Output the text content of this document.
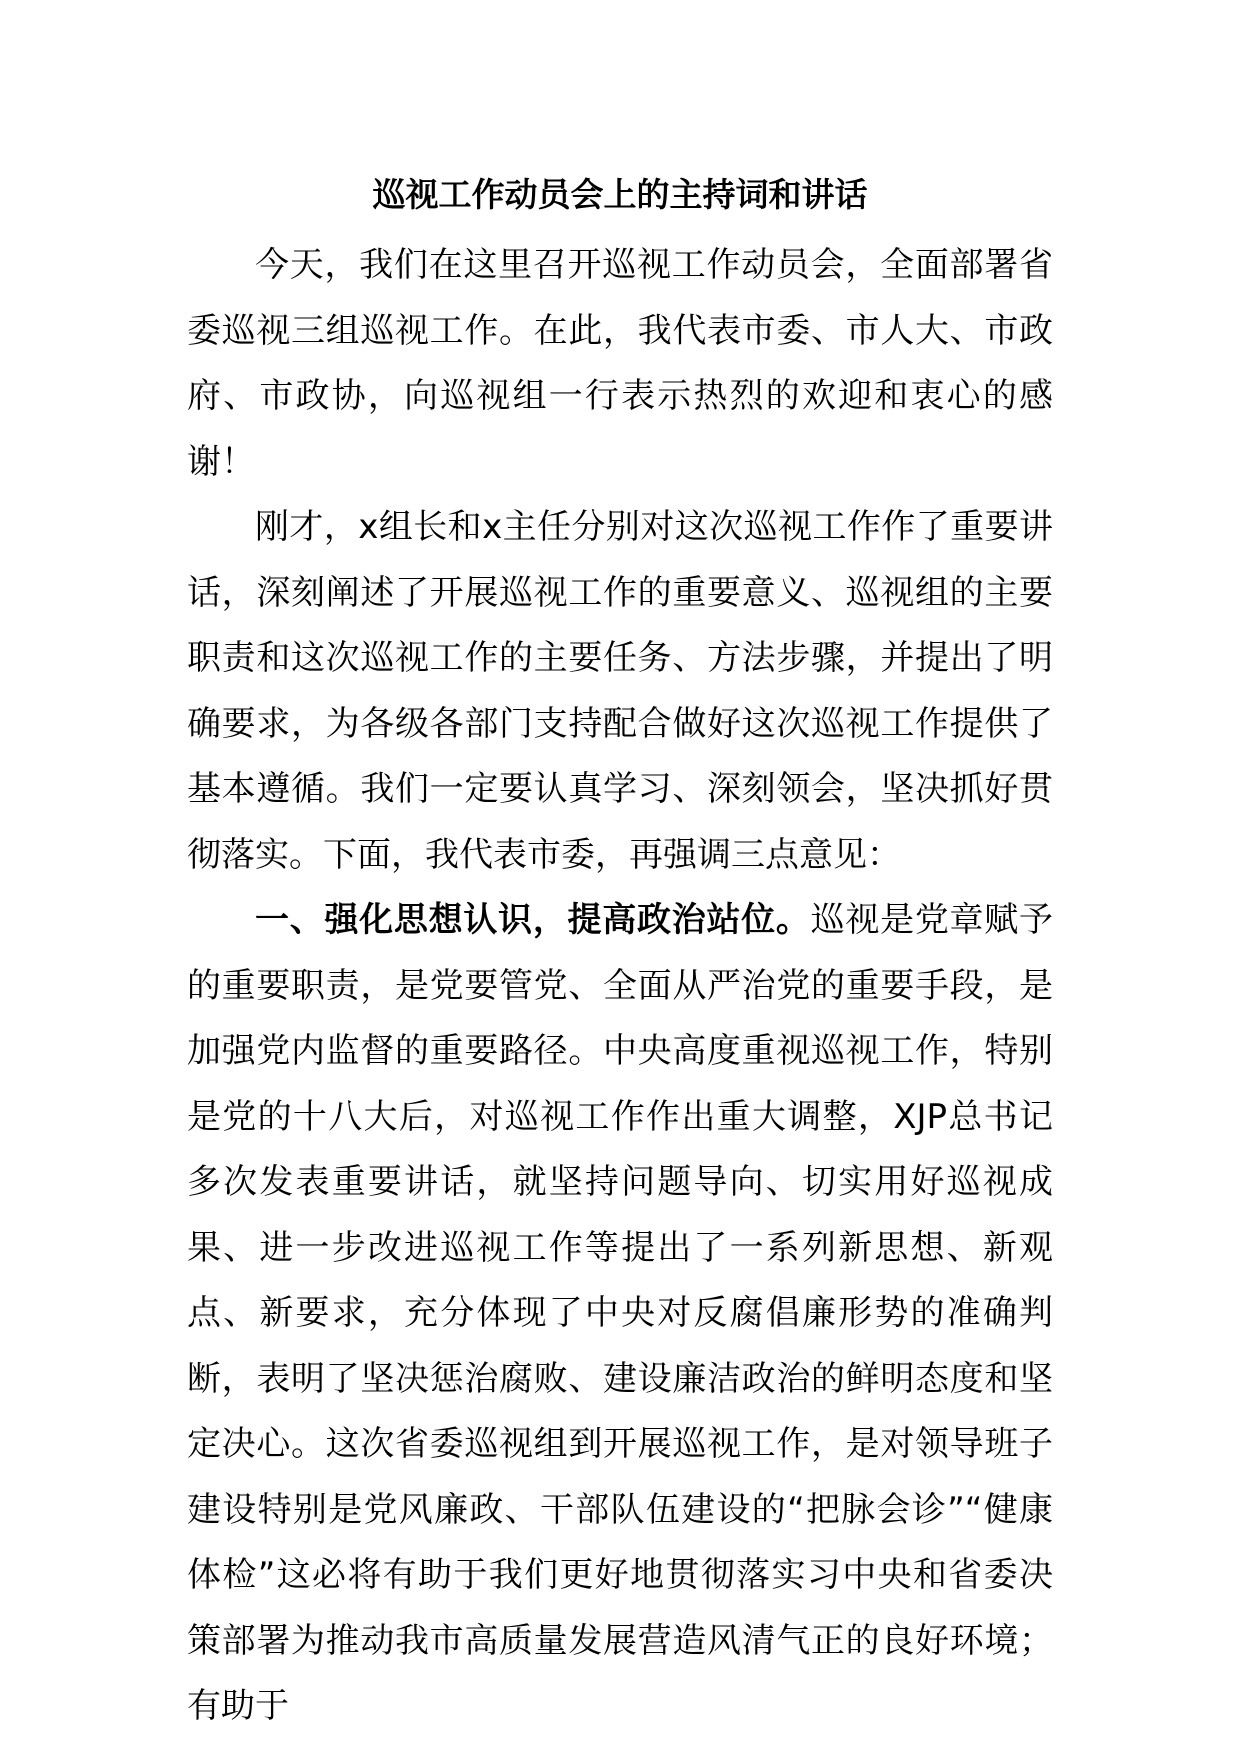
巡视工作动员会上的主持词和讲话

今天，我们在这里召开巡视工作动员会，全面部署省委巡视三组巡视工作。在此，我代表市委、市人大、市政府、市政协，向巡视组一行表示热烈的欢迎和衷心的感谢！

刚才，x组长和x主任分别对这次巡视工作作了重要讲话，深刻阐述了开展巡视工作的重要意义、巡视组的主要职责和这次巡视工作的主要任务、方法步骤，并提出了明确要求，为各级各部门支持配合做好这次巡视工作提供了基本遵循。我们一定要认真学习、深刻领会，坚决抓好贯彻落实。下面，我代表市委，再强调三点意见：

一、强化思想认识，提高政治站位。巡视是党章赋予的重要职责，是党要管党、全面从严治党的重要手段，是加强党内监督的重要路径。中央高度重视巡视工作，特别是党的十八大后，对巡视工作作出重大调整，XJP总书记多次发表重要讲话，就坚持问题导向、切实用好巡视成果、进一步改进巡视工作等提出了一系列新思想、新观点、新要求，充分体现了中央对反腐倡廉形势的准确判断，表明了坚决惩治腐败、建设廉洁政治的鲜明态度和坚定决心。这次省委巡视组到开展巡视工作，是对领导班子建设特别是党风廉政、干部队伍建设的“把脉会诊”“健康体检”这必将有助于我们更好地贯彻落实习中央和省委决策部署为推动我市高质量发展营造风清气正的良好环境；有助于
